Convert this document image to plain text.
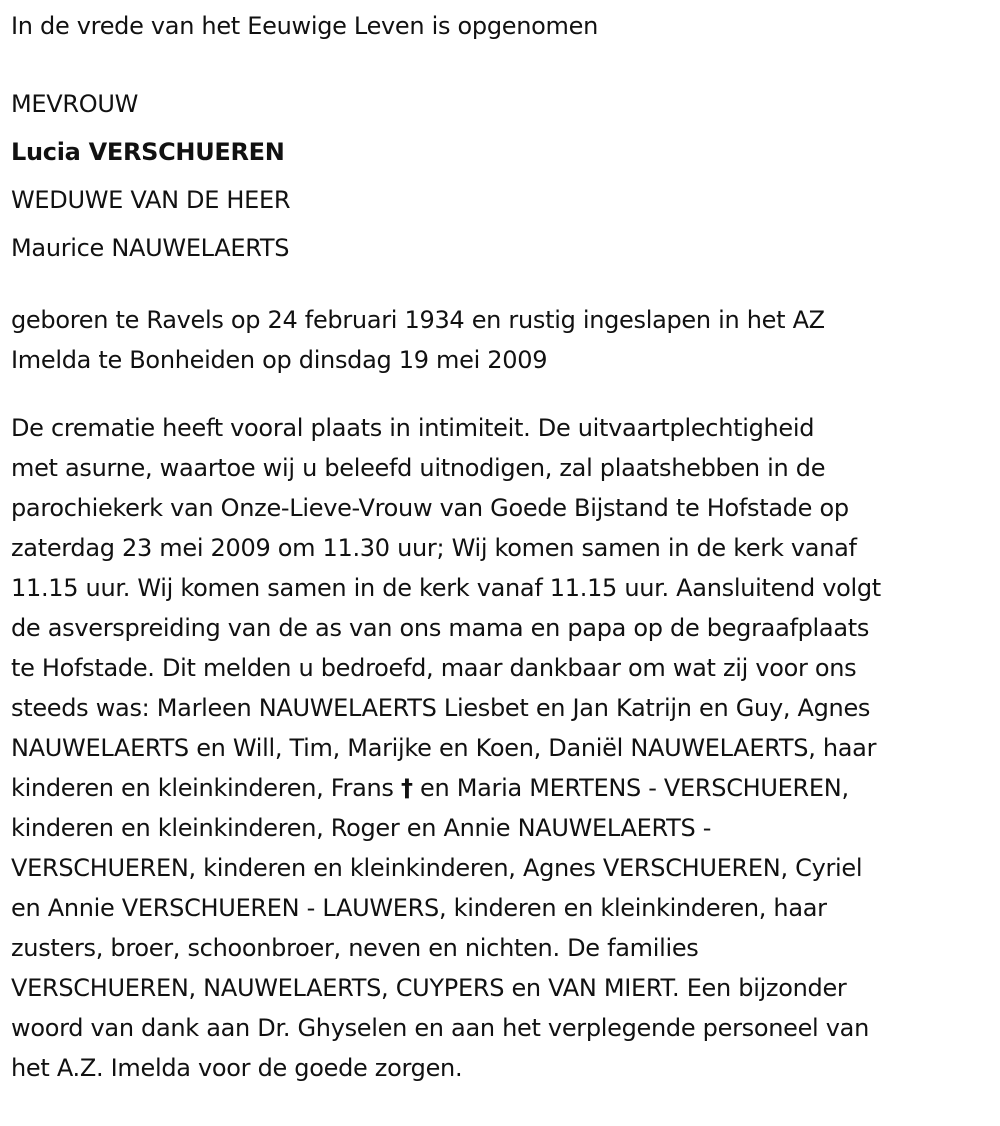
In de vrede van het Eeuwige Leven is opgenomen

MEVROUW

Lucia VERSCHUEREN

WEDUWE VAN DE HEER

Maurice NAUWELAERTS

geboren te Ravels op 24 februari 1934 en rustig ingeslapen in het AZ

Imelda te Bonheiden op dinsdag 19 mei 2009

De crematie heeft vooral plaats in intimiteit. De uitvaartplechtigheid

met asurne, waartoe wij u beleefd uitnodigen, zal plaatshebben in de

parochiekerk van Onze-Lieve-Vrouw van Goede Bijstand te Hofstade op

zaterdag 23 mei 2009 om 11.30 uur; Wij komen samen in de kerk vanaf

11.15 uur. Wij komen samen in de kerk vanaf 11.15 uur. Aansluitend volgt

de asverspreiding van de as van ons mama en papa op de begraafplaats

te Hofstade. Dit melden u bedroefd, maar dankbaar om wat zij voor ons

steeds was: Marleen NAUWELAERTS Liesbet en Jan Katrijn en Guy, Agnes

NAUWELAERTS en Will, Tim, Marijke en Koen, Daniël NAUWELAERTS, haar

kinderen en kleinkinderen, Frans † en Maria MERTENS - VERSCHUEREN,

kinderen en kleinkinderen, Roger en Annie NAUWELAERTS -

VERSCHUEREN, kinderen en kleinkinderen, Agnes VERSCHUEREN, Cyriel

en Annie VERSCHUEREN - LAUWERS, kinderen en kleinkinderen, haar

zusters, broer, schoonbroer, neven en nichten. De families

VERSCHUEREN, NAUWELAERTS, CUYPERS en VAN MIERT. Een bijzonder

woord van dank aan Dr. Ghyselen en aan het verplegende personeel van

het A.Z. Imelda voor de goede zorgen.
